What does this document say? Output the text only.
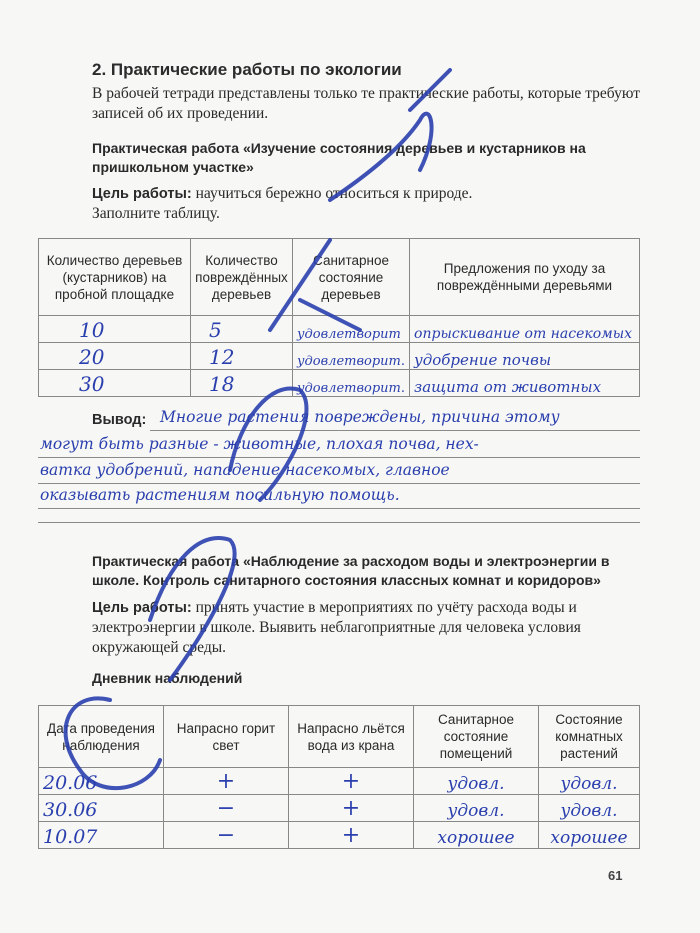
2. Практические работы по экологии
В рабочей тетради представлены только те практические работы, которые требуют записей об их проведении.
Практическая работа «Изучение состояния деревьев и кустарников на пришкольном участке»
Цель работы: научиться бережно относиться к природе.
Заполните таблицу.
Количество деревьев (кустарников) на пробной площадке	Количество повреждённых деревьев	Санитарное состояние деревьев	Предложения по уходу за повреждёнными деревьями
10	5	удовлетворит	опрыскивание от насекомых
20	12	удовлетворит.	удобрение почвы
30	18	удовлетворит.	защита от животных
Вывод: Многие растения повреждены, причина этому
могут быть разные - животные, плохая почва, нех-
ватка удобрений, нападение насекомых, главное
оказывать растениям посильную помощь.
Практическая работа «Наблюдение за расходом воды и электроэнергии в школе. Контроль санитарного состояния классных комнат и коридоров»
Цель работы: принять участие в мероприятиях по учёту расхода воды и электроэнергии в школе. Выявить неблагоприятные для человека условия окружающей среды.
Дневник наблюдений
Дата проведения наблюдения	Напрасно горит свет	Напрасно льётся вода из крана	Санитарное состояние помещений	Состояние комнатных растений
20.06	+	+	удовл.	удовл.
30.06	−	+	удовл.	удовл.
10.07	−	+	хорошее	хорошее
61
